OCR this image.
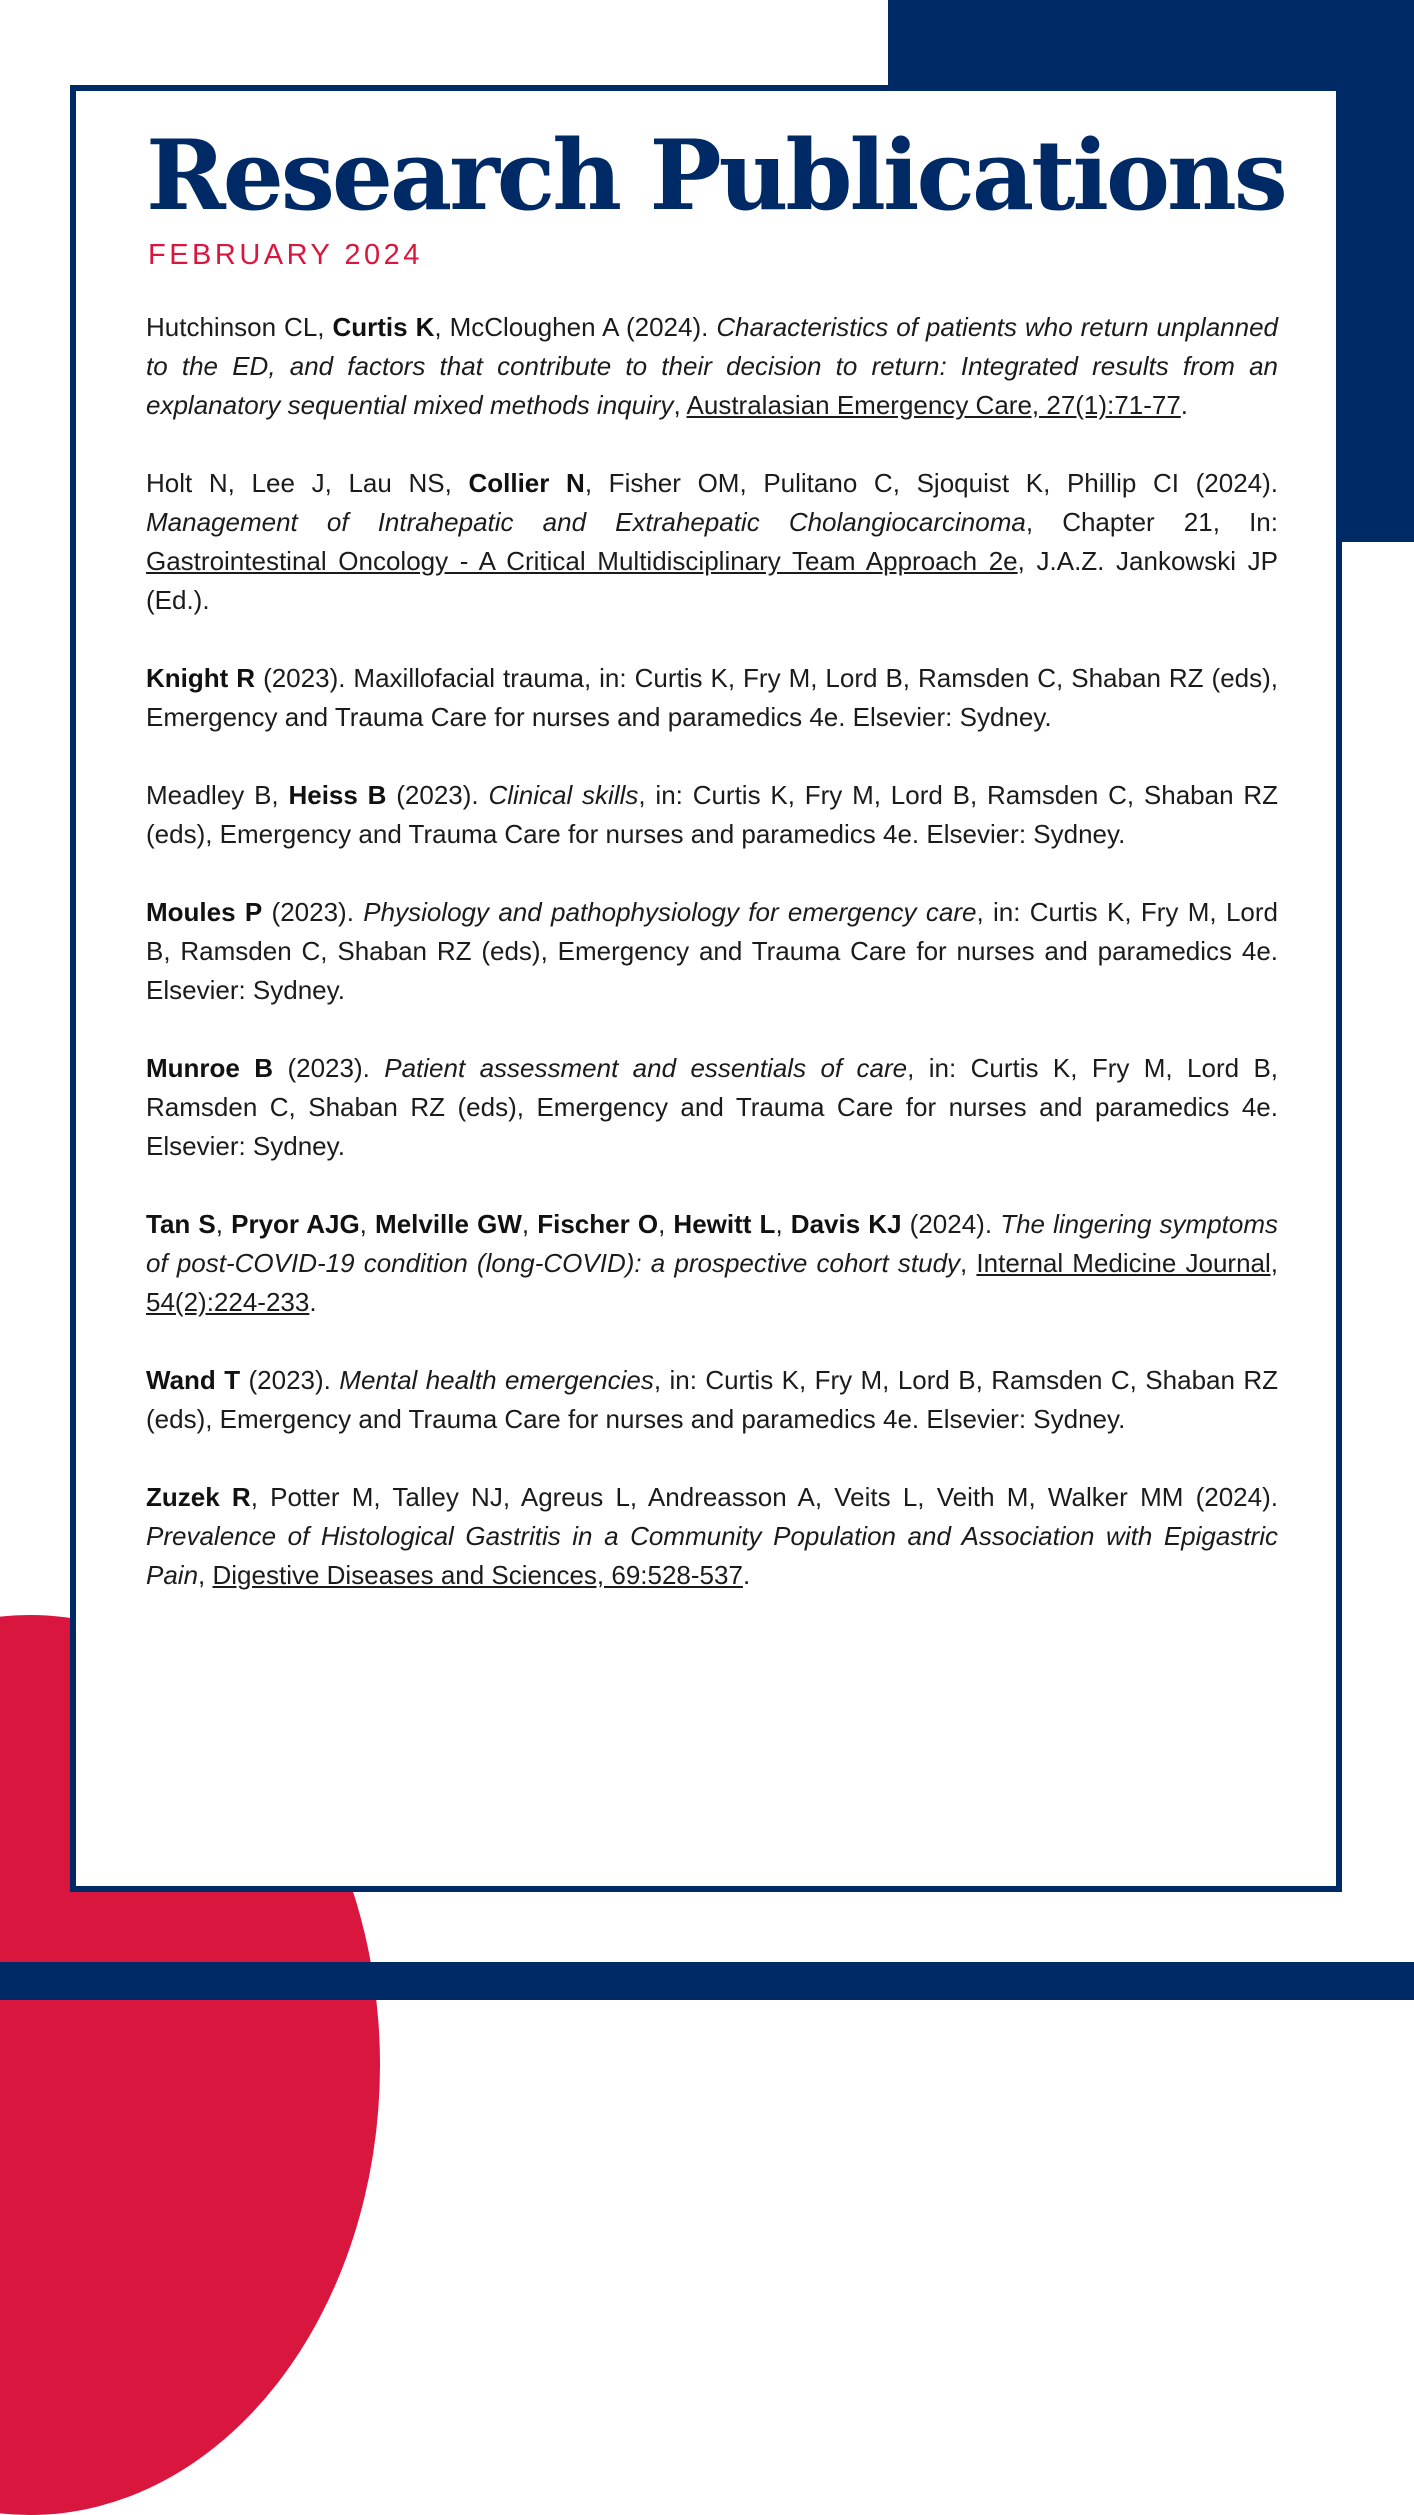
Research Publications
FEBRUARY 2024

Hutchinson CL, Curtis K, McCloughen A (2024). Characteristics of patients who return unplanned to the ED, and factors that contribute to their decision to return: Integrated results from an explanatory sequential mixed methods inquiry, Australasian Emergency Care, 27(1):71-77.

Holt N, Lee J, Lau NS, Collier N, Fisher OM, Pulitano C, Sjoquist K, Phillip CI (2024). Management of Intrahepatic and Extrahepatic Cholangiocarcinoma, Chapter 21, In: Gastrointestinal Oncology - A Critical Multidisciplinary Team Approach 2e, J.A.Z. Jankowski JP (Ed.).

Knight R (2023). Maxillofacial trauma, in: Curtis K, Fry M, Lord B, Ramsden C, Shaban RZ (eds), Emergency and Trauma Care for nurses and paramedics 4e. Elsevier: Sydney.

Meadley B, Heiss B (2023). Clinical skills, in: Curtis K, Fry M, Lord B, Ramsden C, Shaban RZ (eds), Emergency and Trauma Care for nurses and paramedics 4e. Elsevier: Sydney.

Moules P (2023). Physiology and pathophysiology for emergency care, in: Curtis K, Fry M, Lord B, Ramsden C, Shaban RZ (eds), Emergency and Trauma Care for nurses and paramedics 4e. Elsevier: Sydney.

Munroe B (2023). Patient assessment and essentials of care, in: Curtis K, Fry M, Lord B, Ramsden C, Shaban RZ (eds), Emergency and Trauma Care for nurses and paramedics 4e. Elsevier: Sydney.

Tan S, Pryor AJG, Melville GW, Fischer O, Hewitt L, Davis KJ (2024). The lingering symptoms of post-COVID-19 condition (long-COVID): a prospective cohort study, Internal Medicine Journal, 54(2):224-233.

Wand T (2023). Mental health emergencies, in: Curtis K, Fry M, Lord B, Ramsden C, Shaban RZ (eds), Emergency and Trauma Care for nurses and paramedics 4e. Elsevier: Sydney.

Zuzek R, Potter M, Talley NJ, Agreus L, Andreasson A, Veits L, Veith M, Walker MM (2024). Prevalence of Histological Gastritis in a Community Population and Association with Epigastric Pain, Digestive Diseases and Sciences, 69:528-537.
